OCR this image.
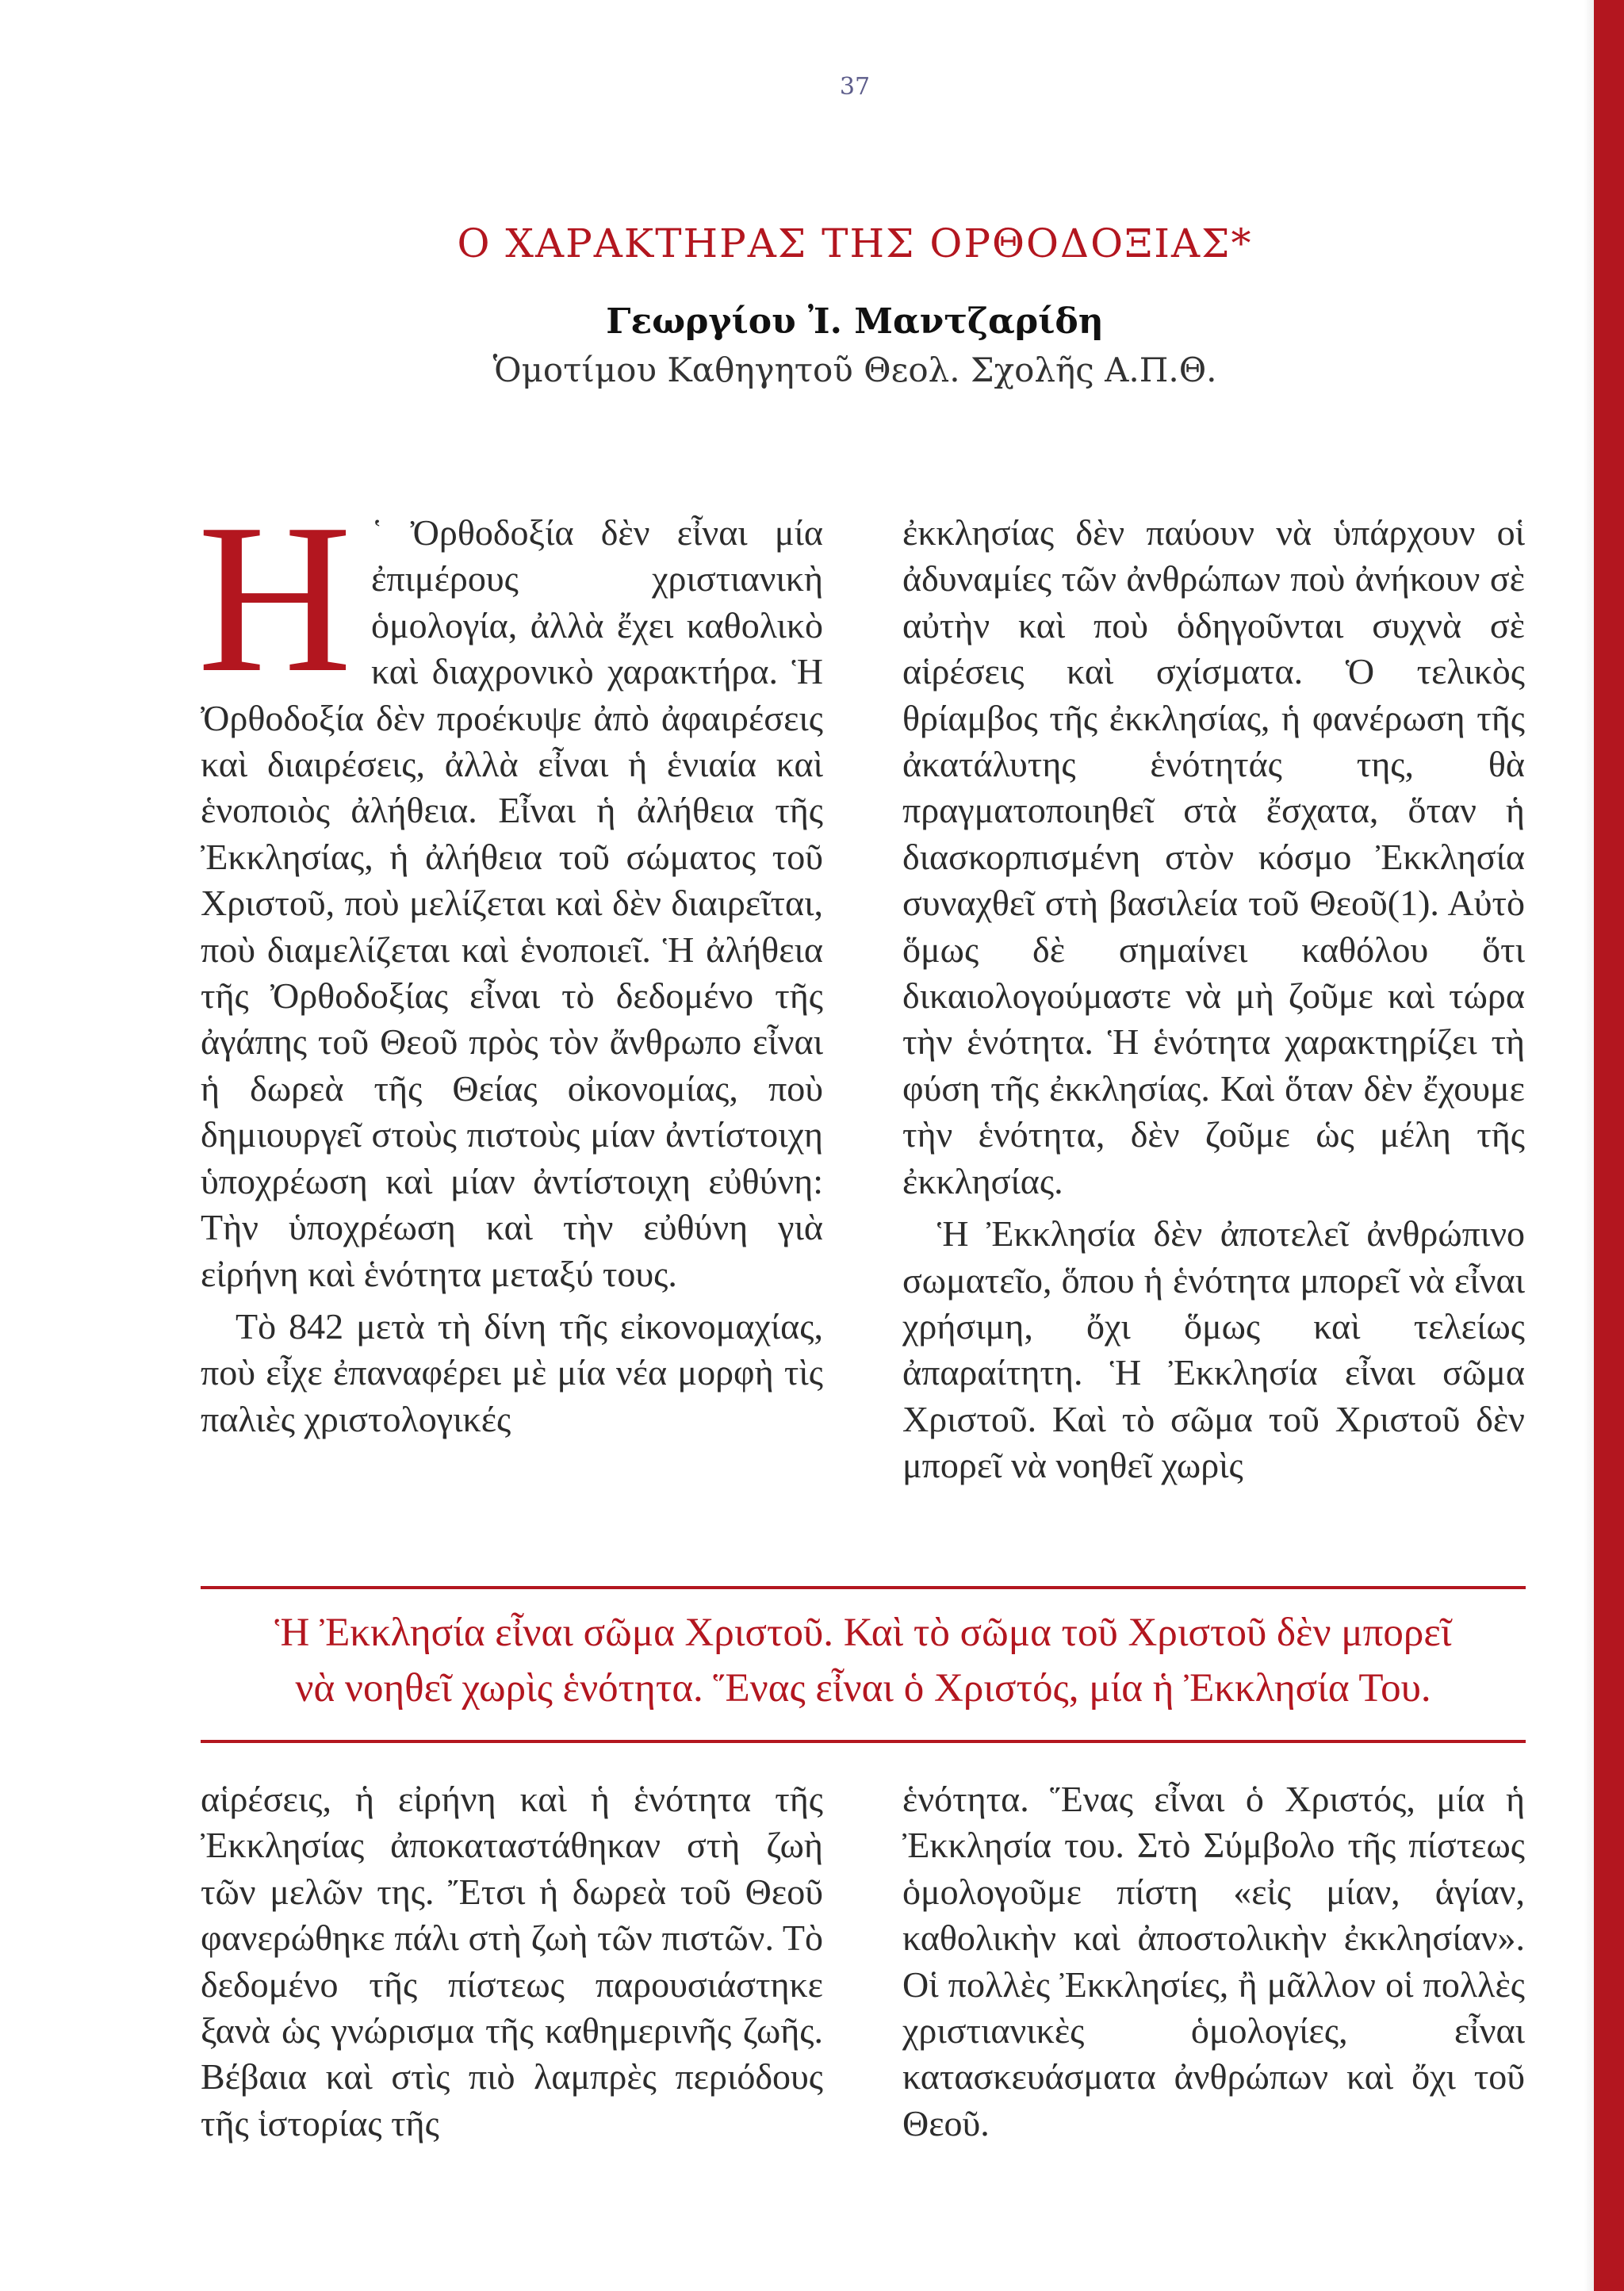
37
Ο ΧΑΡΑΚΤΗΡΑΣ ΤΗΣ ΟΡΘΟΔΟΞΙΑΣ*
Γεωργίου Ἰ. Μαντζαρίδη
Ὁμοτίμου Καθηγητοῦ Θεολ. Σχολῆς Α.Π.Θ.
Η ῾ Ὀρθοδοξία δὲν εἶναι μία ἐπιμέρους χριστιανικὴ ὁμολογία, ἀλλὰ ἔχει καθολικὸ καὶ διαχρονικὸ χαρακτήρα. Ἡ Ὀρθοδοξία δὲν προέκυψε ἀπὸ ἀφαιρέσεις καὶ διαιρέσεις, ἀλλὰ εἶναι ἡ ἑνιαία καὶ ἑνοποιὸς ἀλήθεια. Εἶναι ἡ ἀλήθεια τῆς Ἐκκλησίας, ἡ ἀλήθεια τοῦ σώματος τοῦ Χριστοῦ, ποὺ μελίζεται καὶ δὲν διαιρεῖται, ποὺ διαμελίζεται καὶ ἑνοποιεῖ. Ἡ ἀλήθεια τῆς Ὀρθοδοξίας εἶναι τὸ δεδομένο τῆς ἀγάπης τοῦ Θεοῦ πρὸς τὸν ἄνθρωπο εἶναι ἡ δωρεὰ τῆς Θείας οἰκονομίας, ποὺ δημιουργεῖ στοὺς πιστοὺς μίαν ἀντίστοιχη ὑποχρέωση καὶ μίαν ἀντίστοιχη εὐθύνη: Τὴν ὑποχρέωση καὶ τὴν εὐθύνη γιὰ εἰρήνη καὶ ἑνότητα μεταξύ τους.

Τὸ 842 μετὰ τὴ δίνη τῆς εἰκονομαχίας, ποὺ εἶχε ἐπαναφέρει μὲ μία νέα μορφὴ τὶς παλιὲς χριστολογικές

ἐκκλησίας δὲν παύουν νὰ ὑπάρχουν οἱ ἀδυναμίες τῶν ἀνθρώπων ποὺ ἀνήκουν σὲ αὐτὴν καὶ ποὺ ὁδηγοῦνται συχνὰ σὲ αἱρέσεις καὶ σχίσματα. Ὁ τελικὸς θρίαμβος τῆς ἐκκλησίας, ἡ φανέρωση τῆς ἀκατάλυτης ἑνότητάς της, θὰ πραγματοποιηθεῖ στὰ ἔσχατα, ὅταν ἡ διασκορπισμένη στὸν κόσμο Ἐκκλησία συναχθεῖ στὴ βασιλεία τοῦ Θεοῦ(1). Αὐτὸ ὅμως δὲ σημαίνει καθόλου ὅτι δικαιολογούμαστε νὰ μὴ ζοῦμε καὶ τώρα τὴν ἑνότητα. Ἡ ἑνότητα χαρακτηρίζει τὴ φύση τῆς ἐκκλησίας. Καὶ ὅταν δὲν ἔχουμε τὴν ἑνότητα, δὲν ζοῦμε ὡς μέλη τῆς ἐκκλησίας.

Ἡ Ἐκκλησία δὲν ἀποτελεῖ ἀνθρώπινο σωματεῖο, ὅπου ἡ ἑνότητα μπορεῖ νὰ εἶναι χρήσιμη, ὄχι ὅμως καὶ τελείως ἀπαραίτητη. Ἡ Ἐκκλησία εἶναι σῶμα Χριστοῦ. Καὶ τὸ σῶμα τοῦ Χριστοῦ δὲν μπορεῖ νὰ νοηθεῖ χωρὶς

Ἡ Ἐκκλησία εἶναι σῶμα Χριστοῦ. Καὶ τὸ σῶμα τοῦ Χριστοῦ δὲν μπορεῖ
νὰ νοηθεῖ χωρὶς ἑνότητα. Ἕνας εἶναι ὁ Χριστός, μία ἡ Ἐκκλησία Του.

αἱρέσεις, ἡ εἰρήνη καὶ ἡ ἑνότητα τῆς Ἐκκλησίας ἀποκαταστάθηκαν στὴ ζωὴ τῶν μελῶν της. Ἔτσι ἡ δωρεὰ τοῦ Θεοῦ φανερώθηκε πάλι στὴ ζωὴ τῶν πιστῶν. Τὸ δεδομένο τῆς πίστεως παρουσιάστηκε ξανὰ ὡς γνώρισμα τῆς καθημερινῆς ζωῆς. Βέβαια καὶ στὶς πιὸ λαμπρὲς περιόδους τῆς ἱστορίας τῆς

ἑνότητα. Ἕνας εἶναι ὁ Χριστός, μία ἡ Ἐκκλησία του. Στὸ Σύμβολο τῆς πίστεως ὁμολογοῦμε πίστη «εἰς μίαν, ἁγίαν, καθολικὴν καὶ ἀποστολικὴν ἐκκλησίαν». Οἱ πολλὲς Ἐκκλησίες, ἢ μᾶλλον οἱ πολλὲς χριστιανικὲς ὁμολογίες, εἶναι κατασκευάσματα ἀνθρώπων καὶ ὄχι τοῦ Θεοῦ.
